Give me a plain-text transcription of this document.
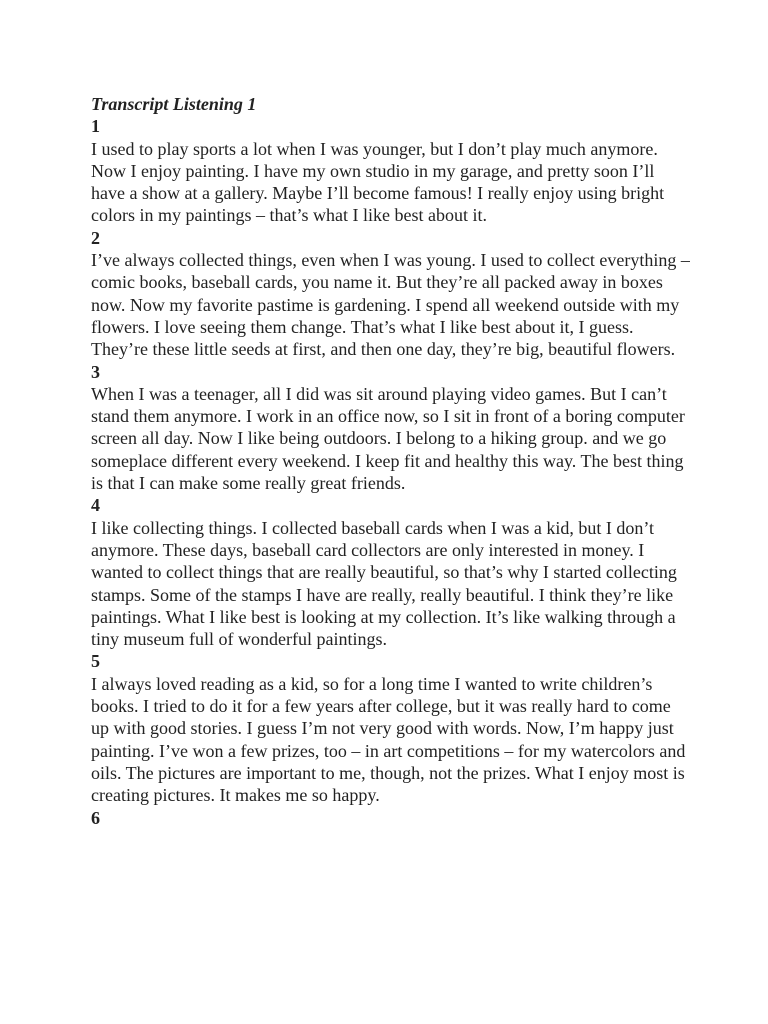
Transcript Listening 1

1

I used to play sports a lot when I was younger, but I don’t play much anymore. Now I enjoy painting. I have my own studio in my garage, and pretty soon I’ll have a show at a gallery. Maybe I’ll become famous! I really enjoy using bright colors in my paintings – that’s what I like best about it.

2

I’ve always collected things, even when I was young. I used to collect everything – comic books, baseball cards, you name it. But they’re all packed away in boxes now. Now my favorite pastime is gardening. I spend all weekend outside with my flowers. I love seeing them change. That’s what I like best about it, I guess. They’re these little seeds at first, and then one day, they’re big, beautiful flowers.

3

When I was a teenager, all I did was sit around playing video games. But I can’t stand them anymore. I work in an office now, so I sit in front of a boring computer screen all day. Now I like being outdoors. I belong to a hiking group. and we go someplace different every weekend. I keep fit and healthy this way. The best thing is that I can make some really great friends.

4

I like collecting things. I collected baseball cards when I was a kid, but I don’t anymore. These days, baseball card collectors are only interested in money. I wanted to collect things that are really beautiful, so that’s why I started collecting stamps. Some of the stamps I have are really, really beautiful. I think they’re like paintings. What I like best is looking at my collection. It’s like walking through a tiny museum full of wonderful paintings.

5

I always loved reading as a kid, so for a long time I wanted to write children’s books. I tried to do it for a few years after college, but it was really hard to come up with good stories. I guess I’m not very good with words. Now, I’m happy just painting. I’ve won a few prizes, too – in art competitions – for my watercolors and oils. The pictures are important to me, though, not the prizes. What I enjoy most is creating pictures. It makes me so happy.

6
